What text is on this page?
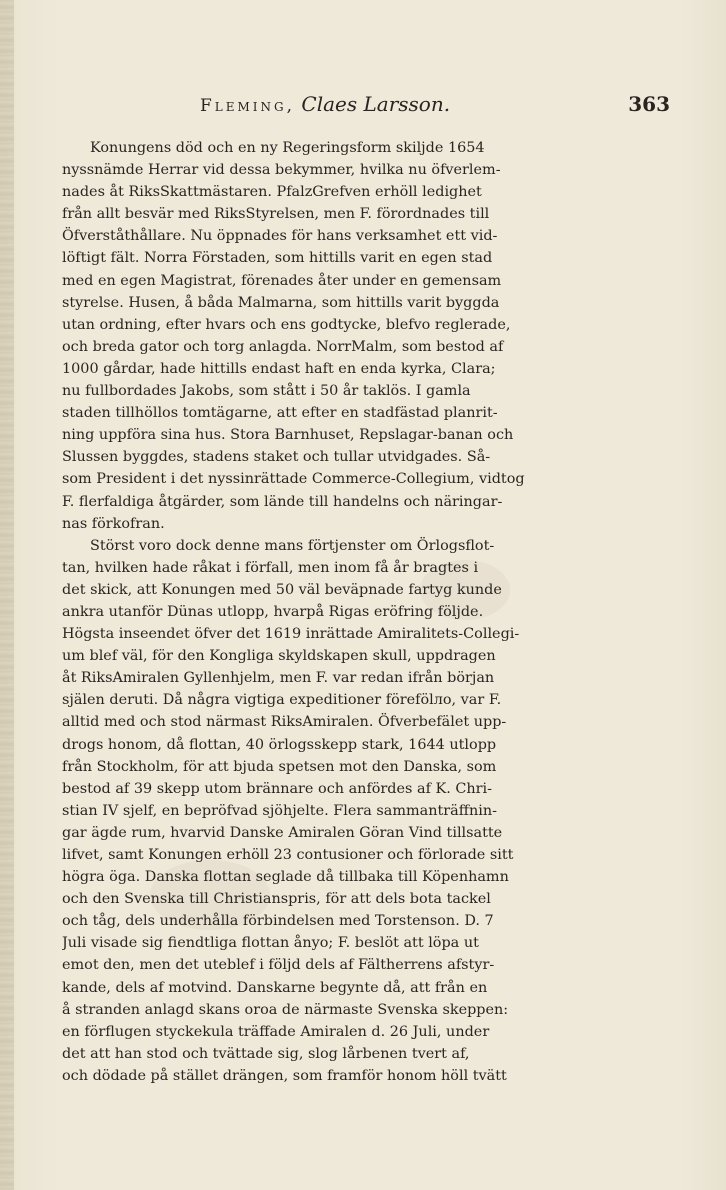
Fleming, Claes Larsson.	363
Konungens död och en ny Regeringsform skiljde 1654
nyssnämde Herrar vid dessa bekymmer, hvilka nu öfverlem-
nades åt RiksSkattmästaren. PfalzGrefven erhöll ledighet
från allt besvär med RiksStyrelsen, men F. förordnades till
Öfverståthållare. Nu öppnades för hans verksamhet ett vid-
löftigt fält. Norra Förstaden, som hittills varit en egen stad
med en egen Magistrat, förenades åter under en gemensam
styrelse. Husen, å båda Malmarna, som hittills varit byggda
utan ordning, efter hvars och ens godtycke, blefvo reglerade,
och breda gator och torg anlagda. NorrMalm, som bestod af
1000 gårdar, hade hittills endast haft en enda kyrka, Clara;
nu fullbordades Jakobs, som stått i 50 år taklös. I gamla
staden tillhöllos tomtägarne, att efter en stadfästad planrit-
ning uppföra sina hus. Stora Barnhuset, Repslagar-banan och
Slussen byggdes, stadens staket och tullar utvidgades. Så-
som President i det nyssinrättade Commerce-Collegium, vidtog
F. flerfaldiga åtgärder, som lände till handelns och näringar-
nas förkofran.
Störst voro dock denne mans förtjenster om Örlogsflot-
tan, hvilken hade råkat i förfall, men inom få år bragtes i
det skick, att Konungen med 50 väl beväpnade fartyg kunde
ankra utanför Dünas utlopp, hvarpå Rigas eröfring följde.
Högsta inseendet öfver det 1619 inrättade Amiralitets-Collegi-
um blef väl, för den Kongliga skyldskapen skull, uppdragen
åt RiksAmiralen Gyllenhjelm, men F. var redan ifrån början
själen deruti. Då några vigtiga expeditioner förefölло, var F.
alltid med och stod närmast RiksAmiralen. Öfverbefälet upp-
drogs honom, då flottan, 40 örlogsskepp stark, 1644 utlopp
från Stockholm, för att bjuda spetsen mot den Danska, som
bestod af 39 skepp utom brännare och anfördes af K. Chri-
stian IV sjelf, en bepröfvad sjöhjelte. Flera sammanträffnin-
gar ägde rum, hvarvid Danske Amiralen Göran Vind tillsatte
lifvet, samt Konungen erhöll 23 contusioner och förlorade sitt
högra öga. Danska flottan seglade då tillbaka till Köpenhamn
och den Svenska till Christianspris, för att dels bota tackel
och tåg, dels underhålla förbindelsen med Torstenson. D. 7
Juli visade sig fiendtliga flottan ånyo; F. beslöt att löpa ut
emot den, men det uteblef i följd dels af Fältherrens afstyr-
kande, dels af motvind. Danskarne begynte då, att från en
å stranden anlagd skans oroa de närmaste Svenska skeppen:
en förflugen styckekula träffade Amiralen d. 26 Juli, under
det att han stod och tvättade sig, slog lårbenen tvert af,
och dödade på stället drängen, som framför honom höll tvätt
